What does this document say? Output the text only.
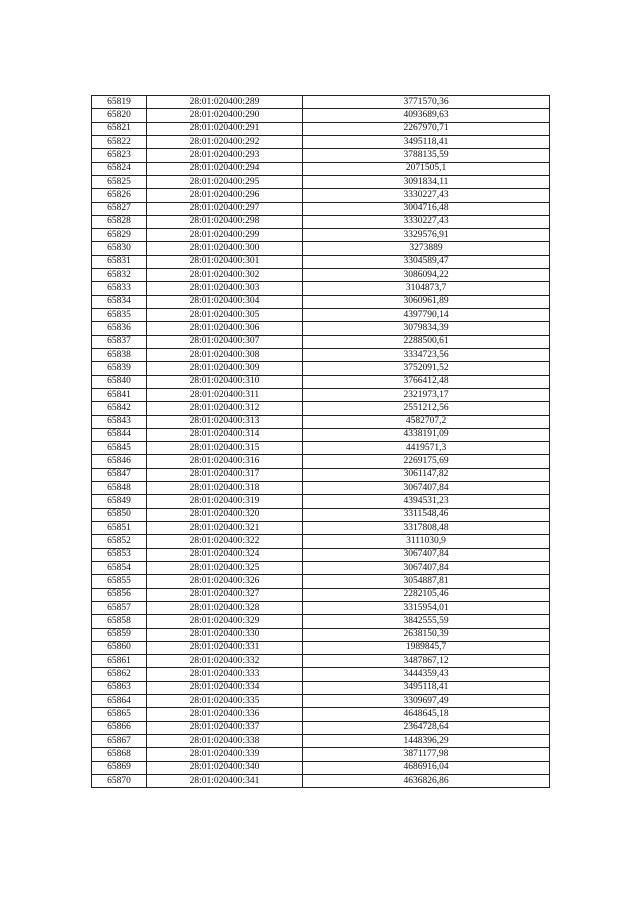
65819	28:01:020400:289	3771570,36
65820	28:01:020400:290	4093689,63
65821	28:01:020400:291	2267970,71
65822	28:01:020400:292	3495118,41
65823	28:01:020400:293	3788135,59
65824	28:01:020400:294	2071505,1
65825	28:01:020400:295	3091834,11
65826	28:01:020400:296	3330227,43
65827	28:01:020400:297	3004716,48
65828	28:01:020400:298	3330227,43
65829	28:01:020400:299	3329576,91
65830	28:01:020400:300	3273889
65831	28:01:020400:301	3304589,47
65832	28:01:020400:302	3086094,22
65833	28:01:020400:303	3104873,7
65834	28:01:020400:304	3060961,89
65835	28:01:020400:305	4397790,14
65836	28:01:020400:306	3079834,39
65837	28:01:020400:307	2288500,61
65838	28:01:020400:308	3334723,56
65839	28:01:020400:309	3752091,52
65840	28:01:020400:310	3766412,48
65841	28:01:020400:311	2321973,17
65842	28:01:020400:312	2551212,56
65843	28:01:020400:313	4582707,2
65844	28:01:020400:314	4338191,09
65845	28:01:020400:315	4419571,3
65846	28:01:020400:316	2269175,69
65847	28:01:020400:317	3061147,82
65848	28:01:020400:318	3067407,84
65849	28:01:020400:319	4394531,23
65850	28:01:020400:320	3311548,46
65851	28:01:020400:321	3317808,48
65852	28:01:020400:322	3111030,9
65853	28:01:020400:324	3067407,84
65854	28:01:020400:325	3067407,84
65855	28:01:020400:326	3054887,81
65856	28:01:020400:327	2282105,46
65857	28:01:020400:328	3315954,01
65858	28:01:020400:329	3842555,59
65859	28:01:020400:330	2638150,39
65860	28:01:020400:331	1989845,7
65861	28:01:020400:332	3487867,12
65862	28:01:020400:333	3444359,43
65863	28:01:020400:334	3495118,41
65864	28:01:020400:335	3309697,49
65865	28:01:020400:336	4648645,18
65866	28:01:020400:337	2364728,64
65867	28:01:020400:338	1448396,29
65868	28:01:020400:339	3871177,98
65869	28:01:020400:340	4686916,04
65870	28:01:020400:341	4636826,86
